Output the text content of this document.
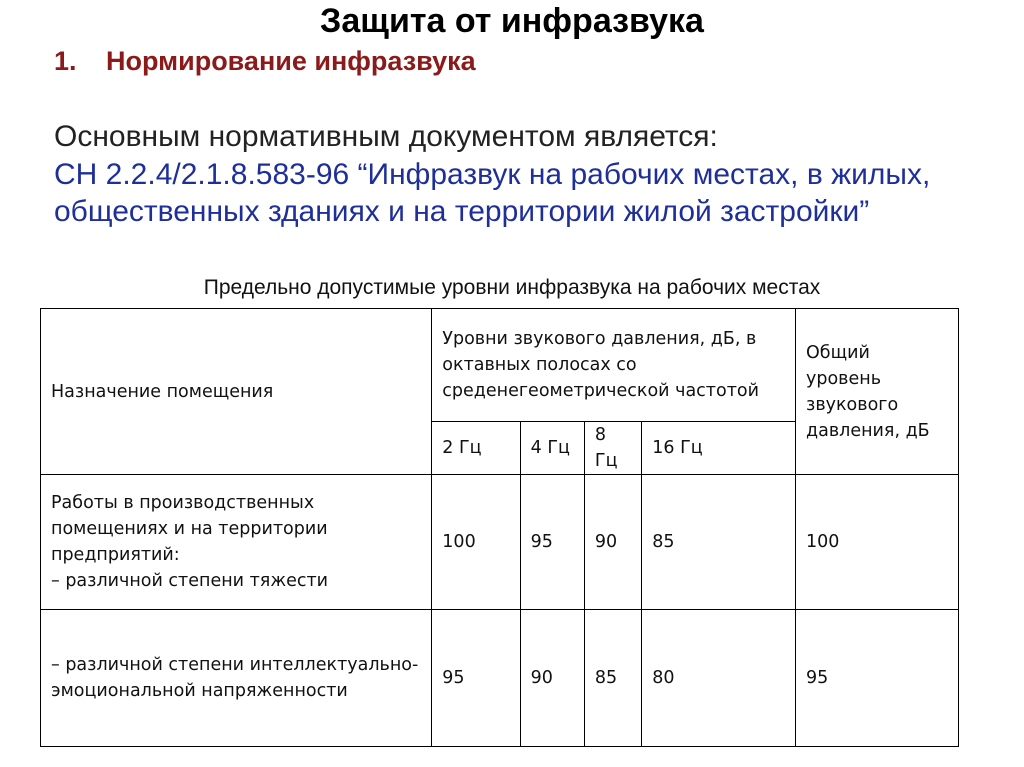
Защита от инфразвука
1. Нормирование инфразвука
Основным нормативным документом является:
СН 2.2.4/2.1.8.583-96 “Инфразвук на рабочих местах, в жилых, общественных зданиях и на территории жилой застройки”
Предельно допустимые уровни инфразвука на рабочих местах
Назначение помещения	Уровни звукового давления, дБ, в октавных полосах со среденегеометрической частотой				Общий уровень звукового давления, дБ
	2 Гц	4 Гц	8 Гц	16 Гц	

Работы в производственных помещениях и на территории предприятий:
– различной степени тяжести	100	95	90	85	100

– различной степени интеллектуально-эмоциональной напряженности	95	90	85	80	95
